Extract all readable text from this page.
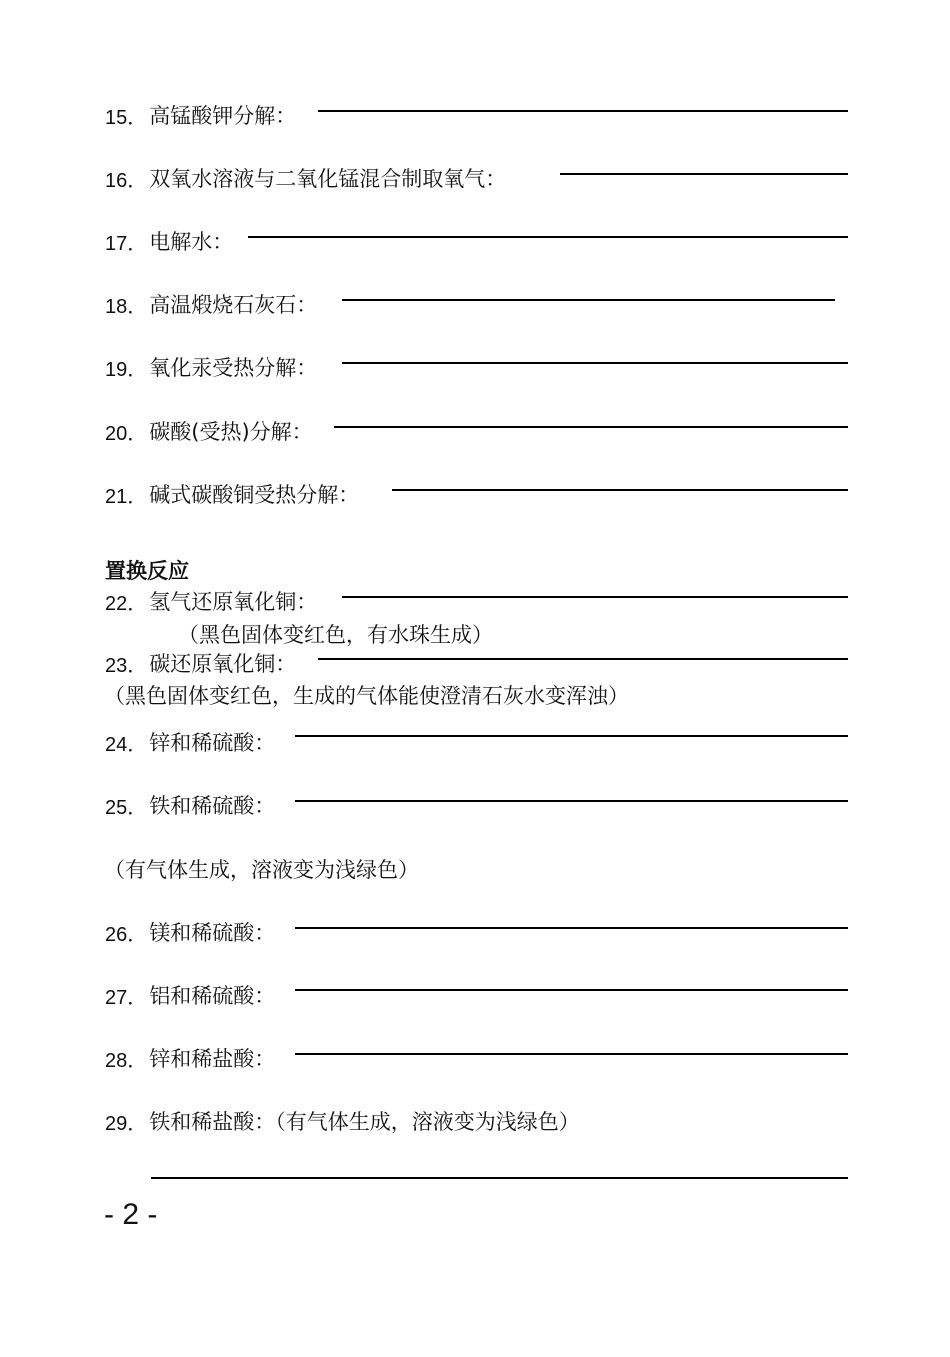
15． 高锰酸钾分解：
16． 双氧水溶液与二氧化锰混合制取氧气：
17． 电解水：
18． 高温煅烧石灰石：
19． 氧化汞受热分解：
20． 碳酸(受热)分解：
21． 碱式碳酸铜受热分解：
置换反应
22． 氢气还原氧化铜：
（黑色固体变红色，有水珠生成）
23． 碳还原氧化铜：
（黑色固体变红色，生成的气体能使澄清石灰水变浑浊）
24． 锌和稀硫酸：
25． 铁和稀硫酸：
（有气体生成，溶液变为浅绿色）
26． 镁和稀硫酸：
27． 铝和稀硫酸：
28． 锌和稀盐酸：
29． 铁和稀盐酸：（有气体生成，溶液变为浅绿色）
- 2 -
